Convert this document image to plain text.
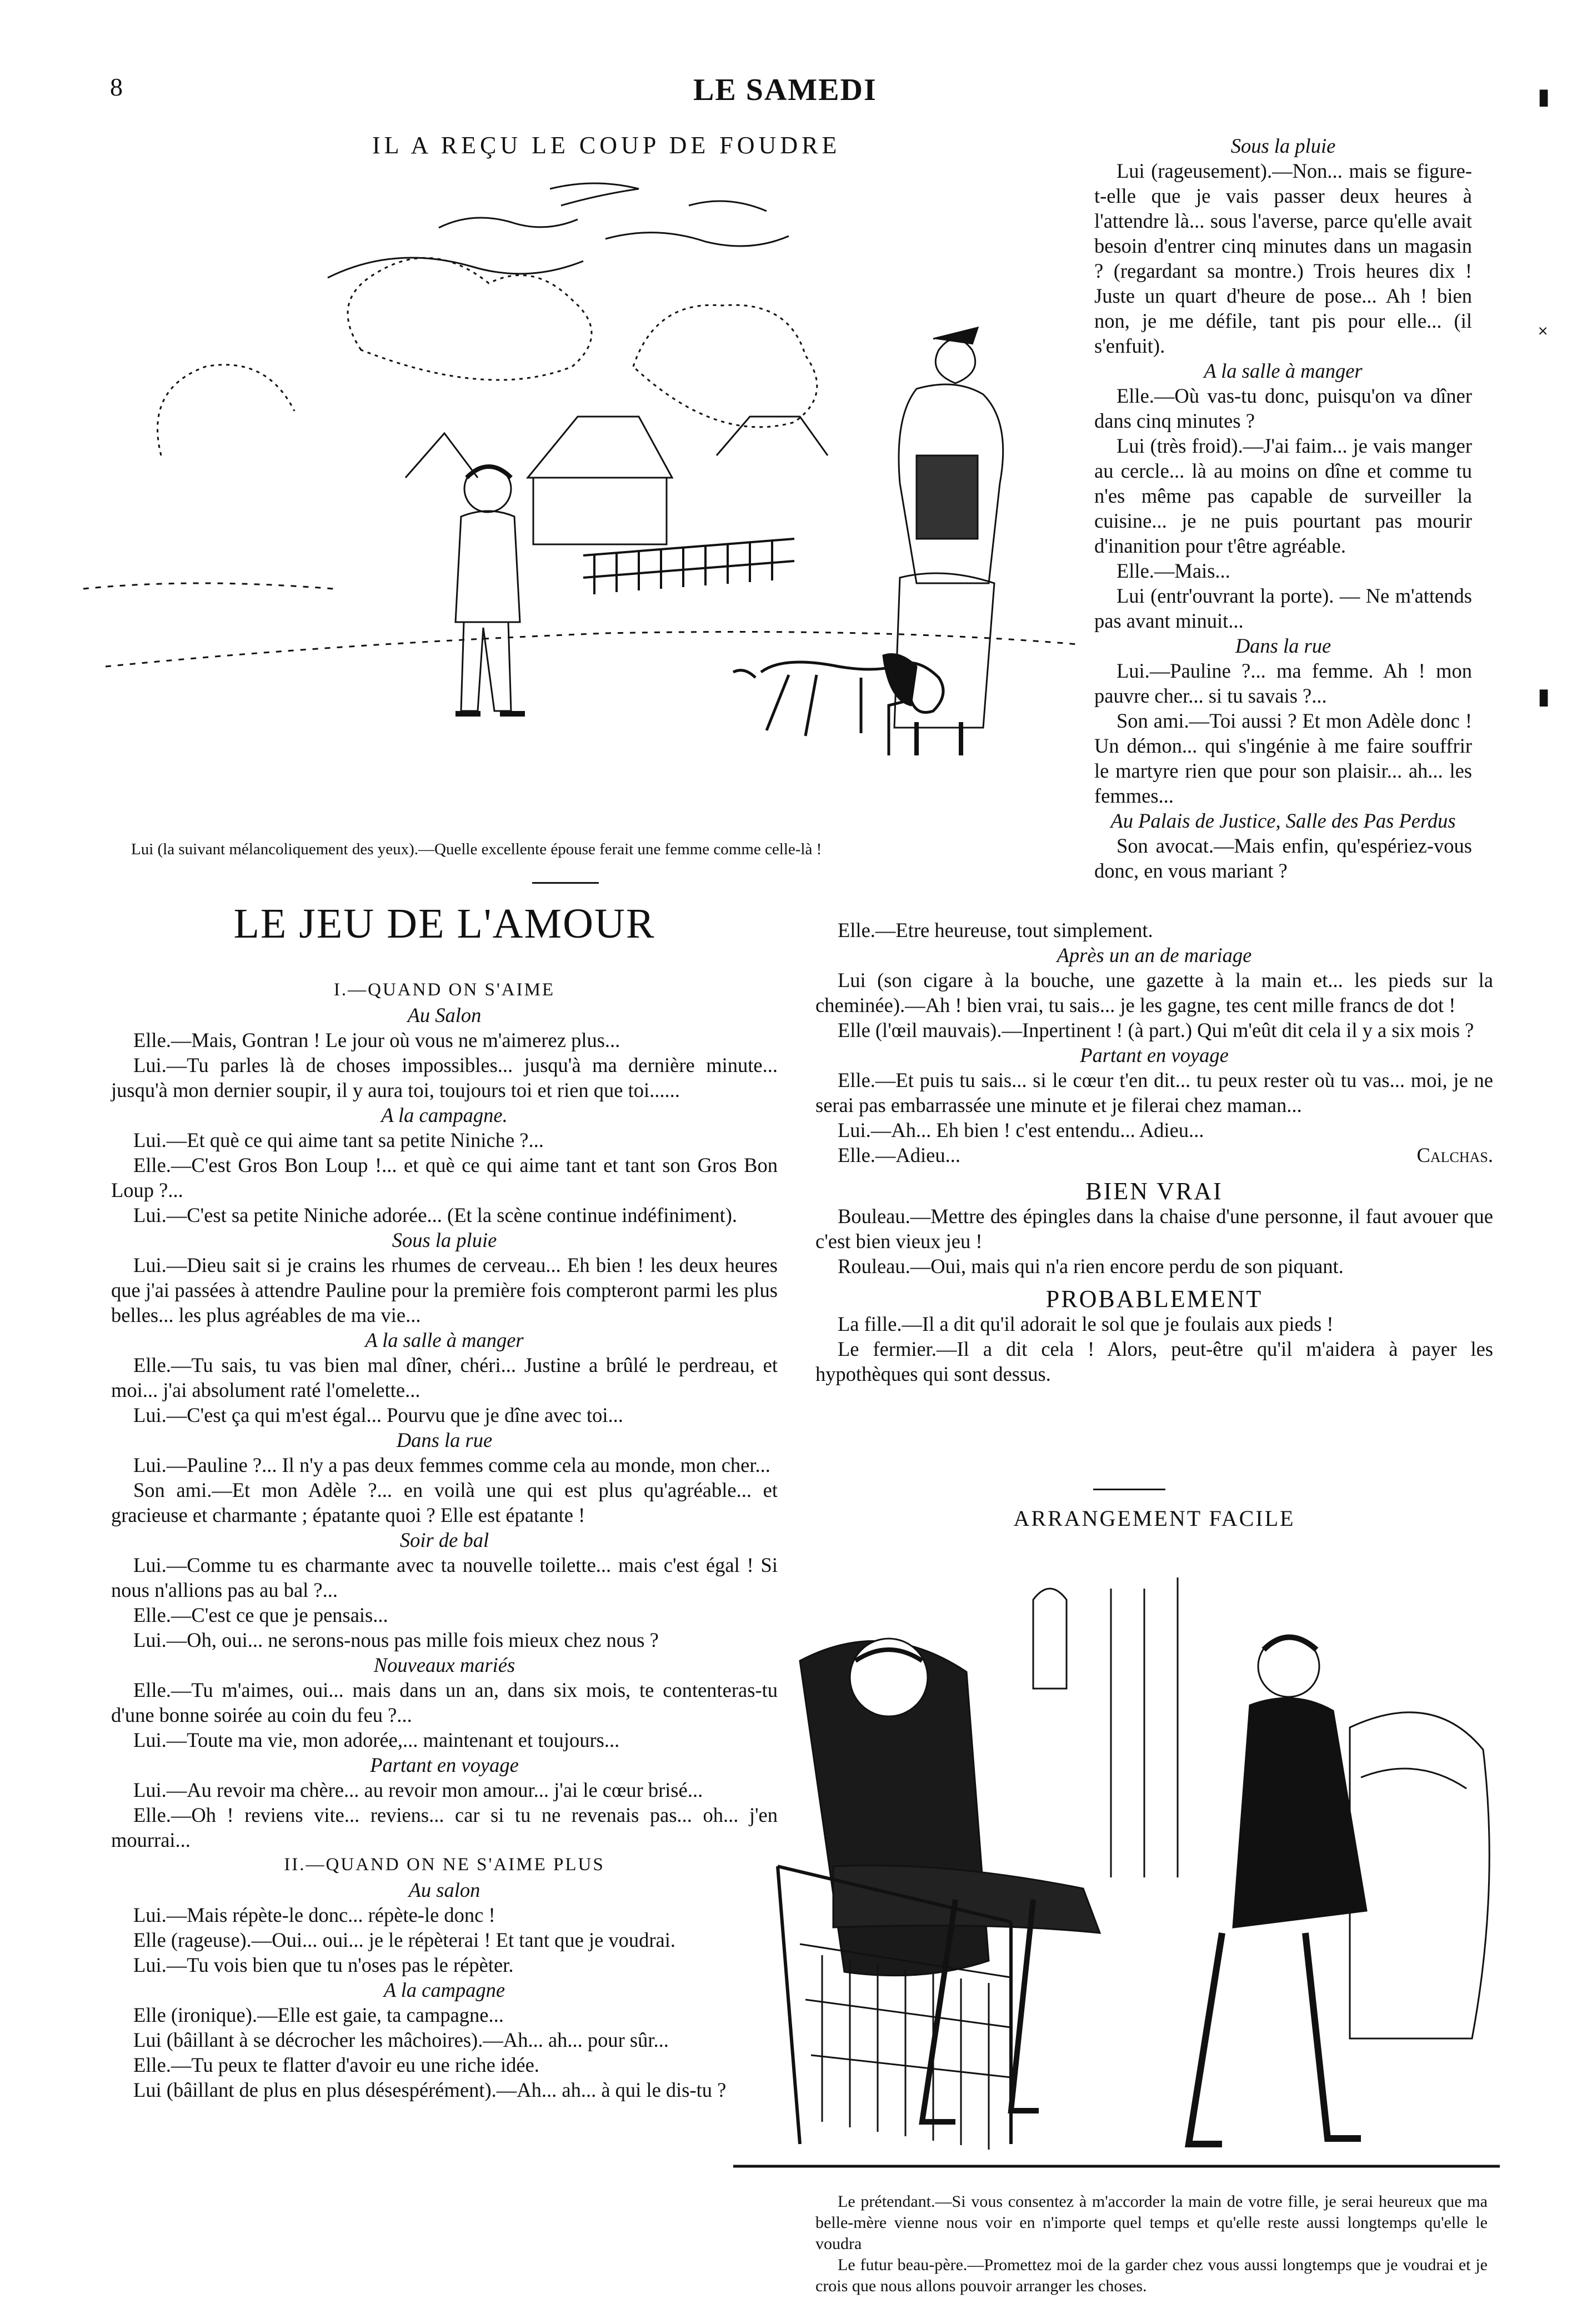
8	LE SAMEDI	▮
˟
▮
IL A REÇU LE COUP DE FOUDRE
Lui (la suivant mélancoliquement des yeux).—Quelle excellente épouse ferait une femme comme celle-là !

Sous la pluie

Lui (rageusement).—Non... mais se figure-t-elle que je vais passer deux heures à l'attendre là... sous l'averse, parce qu'elle avait besoin d'entrer cinq minutes dans un magasin ? (regardant sa montre.) Trois heures dix ! Juste un quart d'heure de pose... Ah ! bien non, je me défile, tant pis pour elle... (il s'enfuit).

A la salle à manger

Elle.—Où vas-tu donc, puisqu'on va dîner dans cinq minutes ?

Lui (très froid).—J'ai faim... je vais manger au cercle... là au moins on dîne et comme tu n'es même pas capable de surveiller la cuisine... je ne puis pourtant pas mourir d'inanition pour t'être agréable.

Elle.—Mais...

Lui (entr'ouvrant la porte). — Ne m'attends pas avant minuit...

Dans la rue

Lui.—Pauline ?... ma femme. Ah ! mon pauvre cher... si tu savais ?...

Son ami.—Toi aussi ? Et mon Adèle donc ! Un démon... qui s'ingénie à me faire souffrir le martyre rien que pour son plaisir... ah... les femmes...

Au Palais de Justice, Salle des Pas Perdus

Son avocat.—Mais enfin, qu'espériez-vous donc, en vous mariant ?

Elle.—Etre heureuse, tout simplement.

Après un an de mariage

Lui (son cigare à la bouche, une gazette à la main et... les pieds sur la cheminée).—Ah ! bien vrai, tu sais... je les gagne, tes cent mille francs de dot !

Elle (l'œil mauvais).—Inpertinent ! (à part.) Qui m'eût dit cela il y a six mois ?

Partant en voyage

Elle.—Et puis tu sais... si le cœur t'en dit... tu peux rester où tu vas... moi, je ne serai pas embarrassée une minute et je filerai chez maman...

Lui.—Ah... Eh bien ! c'est entendu... Adieu...

Elle.—Adieu...	Calchas.

BIEN VRAI

Bouleau.—Mettre des épingles dans la chaise d'une personne, il faut avouer que c'est bien vieux jeu !

Rouleau.—Oui, mais qui n'a rien encore perdu de son piquant.

PROBABLEMENT

La fille.—Il a dit qu'il adorait le sol que je foulais aux pieds !

Le fermier.—Il a dit cela ! Alors, peut-être qu'il m'aidera à payer les hypothèques qui sont dessus.

ARRANGEMENT FACILE

Le prétendant.—Si vous consentez à m'accorder la main de votre fille, je serai heureux que ma belle-mère vienne nous voir en n'importe quel temps et qu'elle reste aussi longtemps qu'elle le voudra

Le futur beau-père.—Promettez moi de la garder chez vous aussi longtemps que je voudrai et je crois que nous allons pouvoir arranger les choses.

LE JEU DE L'AMOUR

I.—QUAND ON S'AIME

Au Salon

Elle.—Mais, Gontran ! Le jour où vous ne m'aimerez plus...

Lui.—Tu parles là de choses impossibles... jusqu'à ma dernière minute... jusqu'à mon dernier soupir, il y aura toi, toujours toi et rien que toi......

A la campagne.

Lui.—Et què ce qui aime tant sa petite Niniche ?...

Elle.—C'est Gros Bon Loup !... et què ce qui aime tant et tant son Gros Bon Loup ?...

Lui.—C'est sa petite Niniche adorée... (Et la scène continue indéfiniment).

Sous la pluie

Lui.—Dieu sait si je crains les rhumes de cerveau... Eh bien ! les deux heures que j'ai passées à attendre Pauline pour la première fois compteront parmi les plus belles... les plus agréables de ma vie...

A la salle à manger

Elle.—Tu sais, tu vas bien mal dîner, chéri... Justine a brûlé le perdreau, et moi... j'ai absolument raté l'omelette...

Lui.—C'est ça qui m'est égal... Pourvu que je dîne avec toi...

Dans la rue

Lui.—Pauline ?... Il n'y a pas deux femmes comme cela au monde, mon cher...

Son ami.—Et mon Adèle ?... en voilà une qui est plus qu'agréable... et gracieuse et charmante ; épatante quoi ? Elle est épatante !

Soir de bal

Lui.—Comme tu es charmante avec ta nouvelle toilette... mais c'est égal ! Si nous n'allions pas au bal ?...

Elle.—C'est ce que je pensais...

Lui.—Oh, oui... ne serons-nous pas mille fois mieux chez nous ?

Nouveaux mariés

Elle.—Tu m'aimes, oui... mais dans un an, dans six mois, te contenteras-tu d'une bonne soirée au coin du feu ?...

Lui.—Toute ma vie, mon adorée,... maintenant et toujours...

Partant en voyage

Lui.—Au revoir ma chère... au revoir mon amour... j'ai le cœur brisé...

Elle.—Oh ! reviens vite... reviens... car si tu ne revenais pas... oh... j'en mourrai...

II.—QUAND ON NE S'AIME PLUS

Au salon

Lui.—Mais répète-le donc... répète-le donc !

Elle (rageuse).—Oui... oui... je le répèterai ! Et tant que je voudrai.

Lui.—Tu vois bien que tu n'oses pas le répèter.

A la campagne

Elle (ironique).—Elle est gaie, ta campagne...

Lui (bâillant à se décrocher les mâchoires).—Ah... ah... pour sûr...

Elle.—Tu peux te flatter d'avoir eu une riche idée.

Lui (bâillant de plus en plus désespérément).—Ah... ah... à qui le dis-tu ?
